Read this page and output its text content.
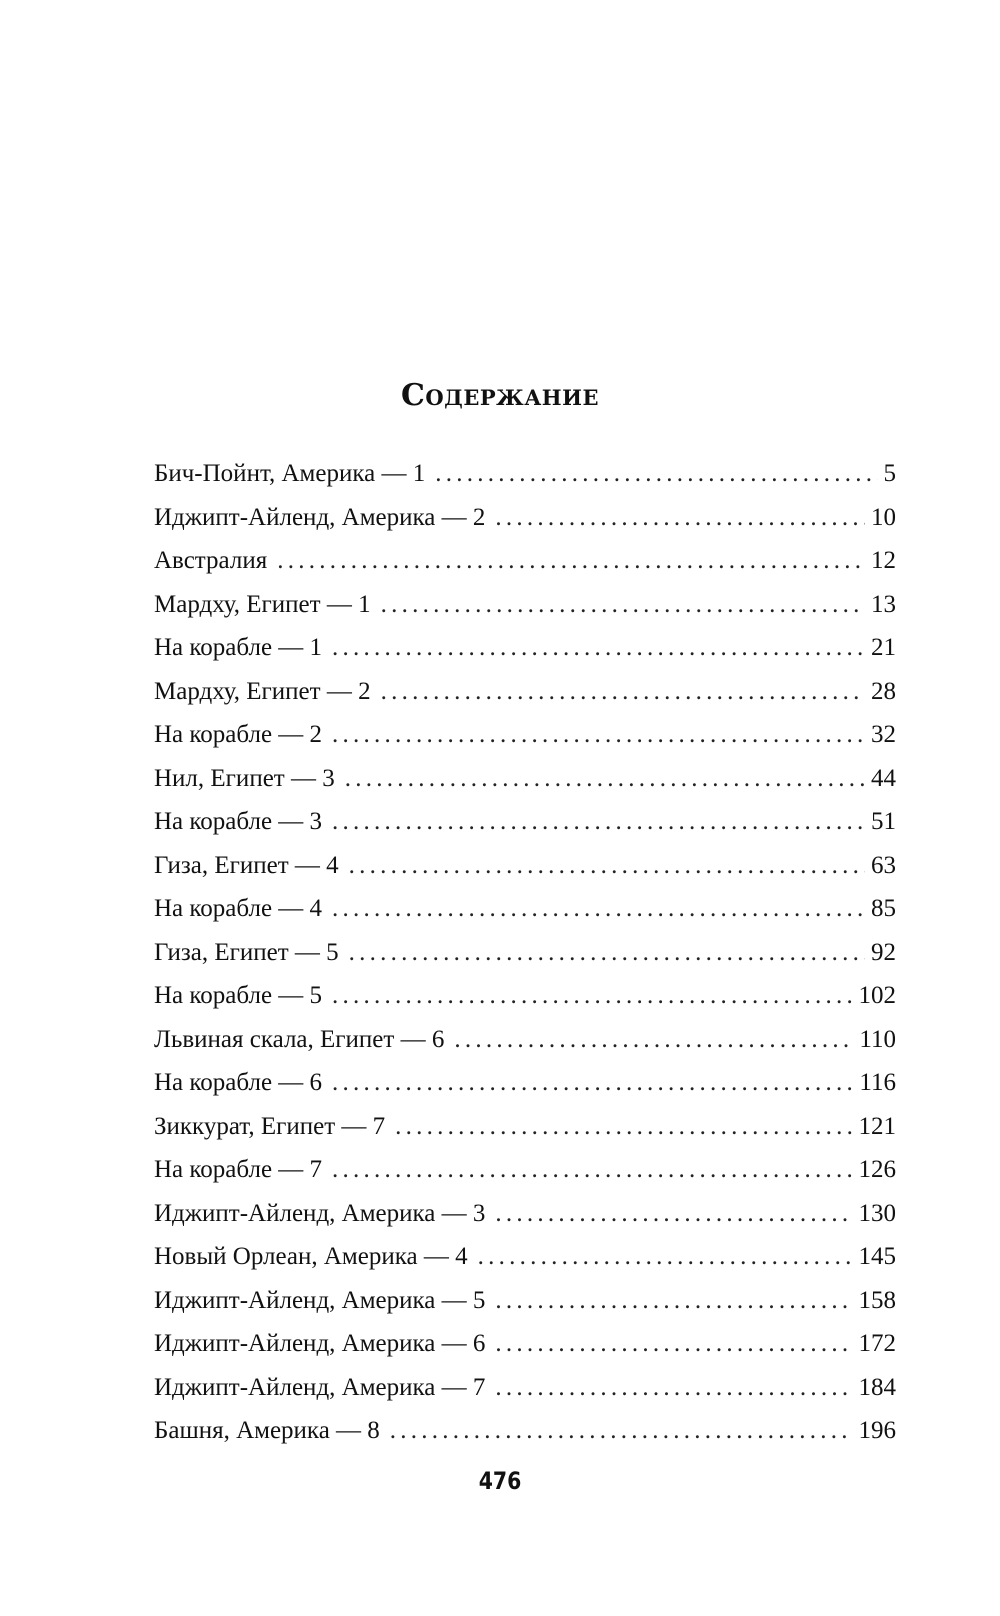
Содержание
Бич-Пойнт, Америка — 1 . . .	5
Иджипт-Айленд, Америка — 2 . . .	10
Австралия . . .	12
Мардху, Египет — 1 . . .	13
На корабле — 1 . . .	21
Мардху, Египет — 2 . . .	28
На корабле — 2 . . .	32
Нил, Египет — 3 . . .	44
На корабле — 3 . . .	51
Гиза, Египет — 4 . . .	63
На корабле — 4 . . .	85
Гиза, Египет — 5 . . .	92
На корабле — 5 . . .	102
Львиная скала, Египет — 6 . . .	110
На корабле — 6 . . .	116
Зиккурат, Египет — 7 . . .	121
На корабле — 7 . . .	126
Иджипт-Айленд, Америка — 3 . . .	130
Новый Орлеан, Америка — 4 . . .	145
Иджипт-Айленд, Америка — 5 . . .	158
Иджипт-Айленд, Америка — 6 . . .	172
Иджипт-Айленд, Америка — 7 . . .	184
Башня, Америка — 8 . . .	196
476
